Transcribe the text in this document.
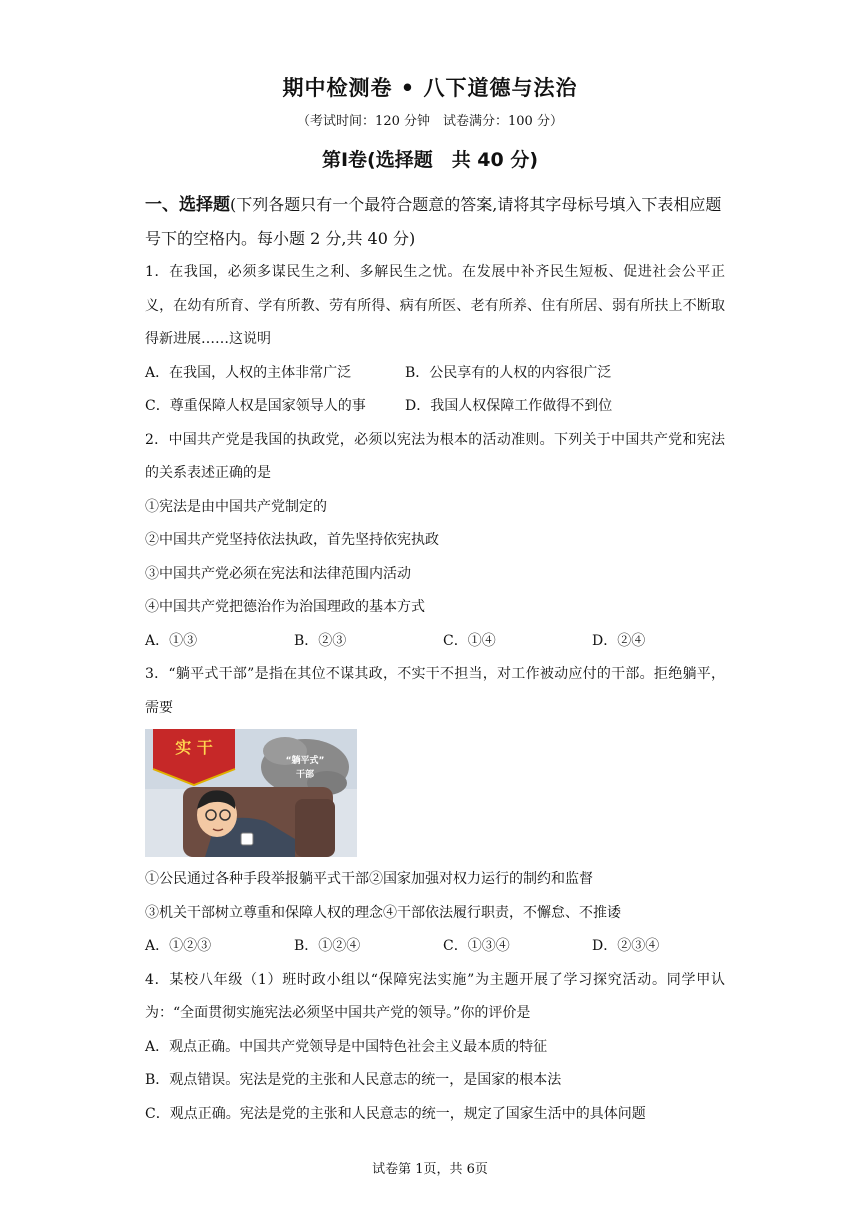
期中检测卷 • 八下道德与法治
（考试时间：120 分钟　试卷满分：100 分）
第Ⅰ卷(选择题　共 40 分)

一、选择题(下列各题只有一个最符合题意的答案,请将其字母标号填入下表相应题号下的空格内。每小题 2 分,共 40 分)

1．在我国，必须多谋民生之利、多解民生之忧。在发展中补齐民生短板、促进社会公平正义，在幼有所育、学有所教、劳有所得、病有所医、老有所养、住有所居、弱有所扶上不断取得新进展……这说明

A．在我国，人权的主体非常广泛	B．公民享有的人权的内容很广泛
C．尊重保障人权是国家领导人的事	D．我国人权保障工作做得不到位

2．中国共产党是我国的执政党，必须以宪法为根本的活动准则。下列关于中国共产党和宪法的关系表述正确的是

①宪法是由中国共产党制定的

②中国共产党坚持依法执政，首先坚持依宪执政

③中国共产党必须在宪法和法律范围内活动

④中国共产党把德治作为治国理政的基本方式

A．①③	B．②③	C．①④	D．②④

3．“躺平式干部”是指在其位不谋其政，不实干不担当，对工作被动应付的干部。拒绝躺平，需要

实 干
“躺平式”
干部

①公民通过各种手段举报躺平式干部②国家加强对权力运行的制约和监督

③机关干部树立尊重和保障人权的理念④干部依法履行职责，不懈怠、不推诿

A．①②③	B．①②④	C．①③④	D．②③④

4．某校八年级（1）班时政小组以“保障宪法实施”为主题开展了学习探究活动。同学甲认为：“全面贯彻实施宪法必须坚中国共产党的领导。”你的评价是

A．观点正确。中国共产党领导是中国特色社会主义最本质的特征

B．观点错误。宪法是党的主张和人民意志的统一，是国家的根本法

C．观点正确。宪法是党的主张和人民意志的统一，规定了国家生活中的具体问题

试卷第 1页，共 6页
